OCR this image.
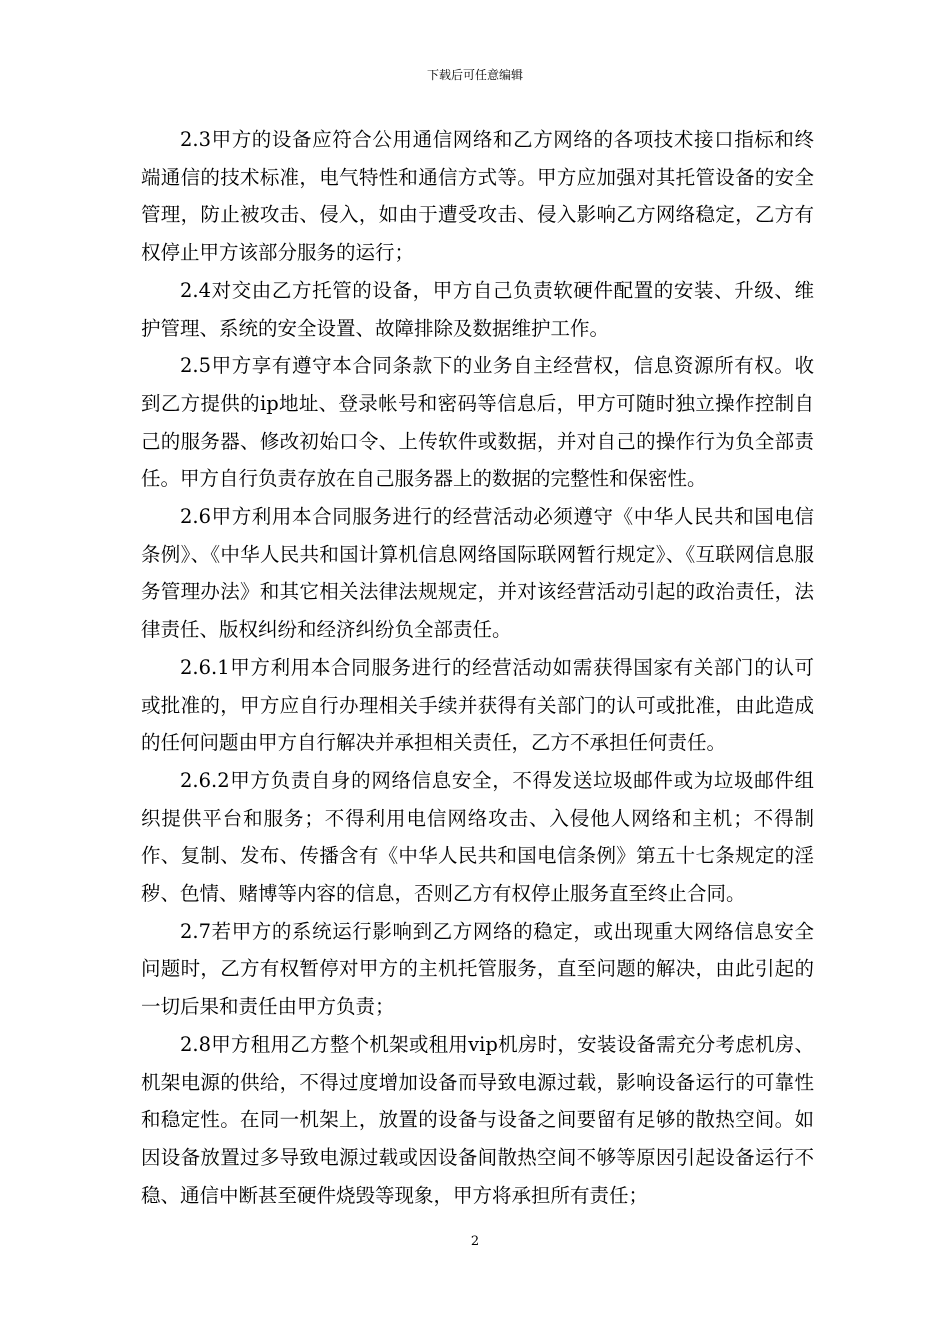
下载后可任意编辑

2.3甲方的设备应符合公用通信网络和乙方网络的各项技术接口指标和终端通信的技术标准，电气特性和通信方式等。甲方应加强对其托管设备的安全管理，防止被攻击、侵入，如由于遭受攻击、侵入影响乙方网络稳定，乙方有权停止甲方该部分服务的运行；

2.4对交由乙方托管的设备，甲方自己负责软硬件配置的安装、升级、维护管理、系统的安全设置、故障排除及数据维护工作。

2.5甲方享有遵守本合同条款下的业务自主经营权，信息资源所有权。收到乙方提供的ip地址、登录帐号和密码等信息后，甲方可随时独立操作控制自己的服务器、修改初始口令、上传软件或数据，并对自己的操作行为负全部责任。甲方自行负责存放在自己服务器上的数据的完整性和保密性。

2.6甲方利用本合同服务进行的经营活动必须遵守《中华人民共和国电信条例》、《中华人民共和国计算机信息网络国际联网暂行规定》、《互联网信息服务管理办法》和其它相关法律法规规定，并对该经营活动引起的政治责任，法律责任、版权纠纷和经济纠纷负全部责任。

2.6.1甲方利用本合同服务进行的经营活动如需获得国家有关部门的认可或批准的，甲方应自行办理相关手续并获得有关部门的认可或批准，由此造成的任何问题由甲方自行解决并承担相关责任，乙方不承担任何责任。

2.6.2甲方负责自身的网络信息安全，不得发送垃圾邮件或为垃圾邮件组织提供平台和服务；不得利用电信网络攻击、入侵他人网络和主机；不得制作、复制、发布、传播含有《中华人民共和国电信条例》第五十七条规定的淫秽、色情、赌博等内容的信息，否则乙方有权停止服务直至终止合同。

2.7若甲方的系统运行影响到乙方网络的稳定，或出现重大网络信息安全问题时，乙方有权暂停对甲方的主机托管服务，直至问题的解决，由此引起的一切后果和责任由甲方负责；

2.8甲方租用乙方整个机架或租用vip机房时，安装设备需充分考虑机房、机架电源的供给，不得过度增加设备而导致电源过载，影响设备运行的可靠性和稳定性。在同一机架上，放置的设备与设备之间要留有足够的散热空间。如因设备放置过多导致电源过载或因设备间散热空间不够等原因引起设备运行不稳、通信中断甚至硬件烧毁等现象，甲方将承担所有责任；

2
